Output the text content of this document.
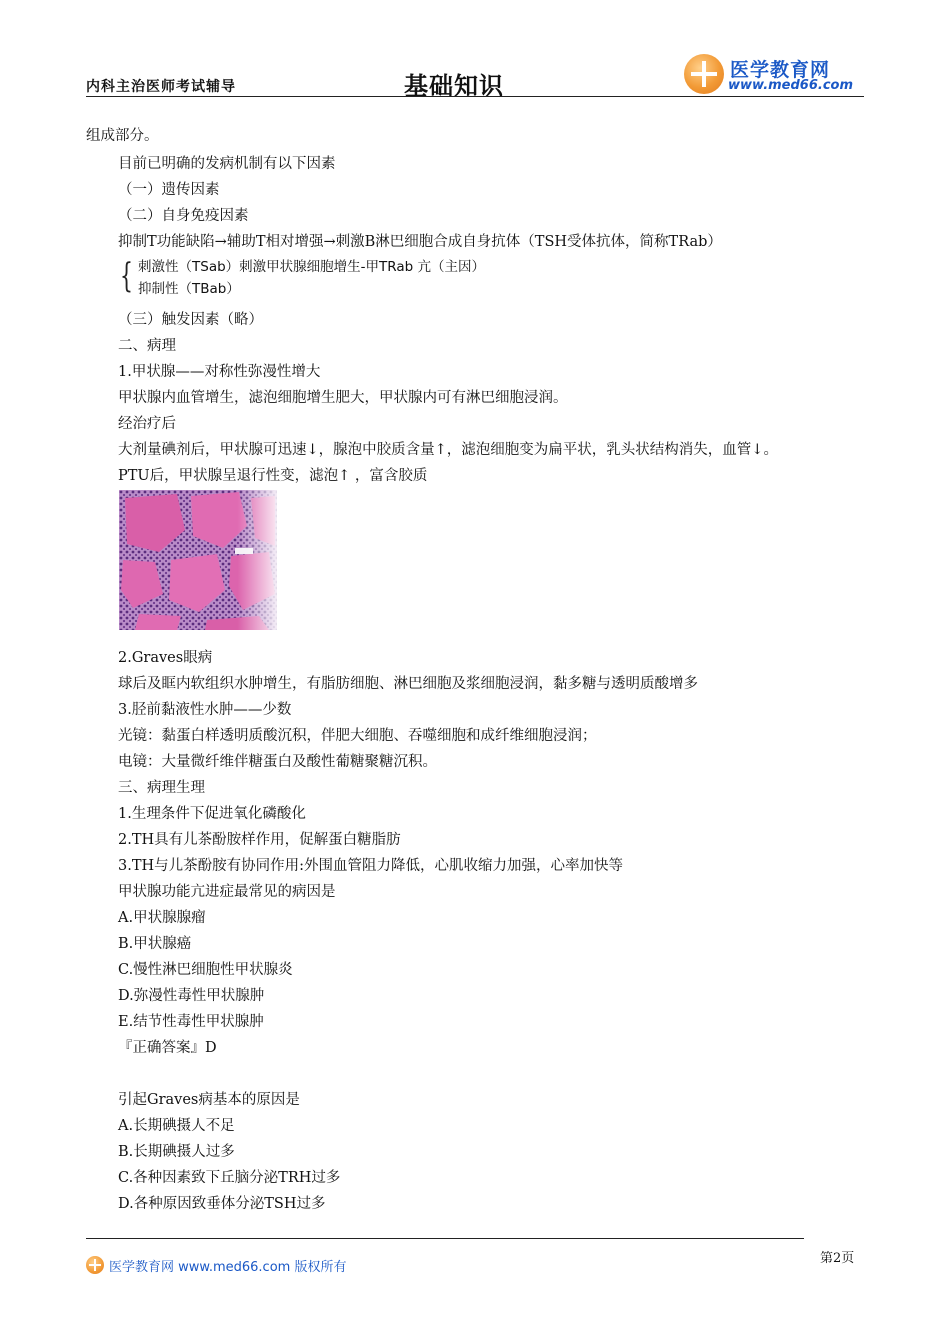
内科主治医师考试辅导	基础知识
医学教育网
www.med66.com
组成部分。
目前已明确的发病机制有以下因素
（一）遗传因素
（二）自身免疫因素
抑制T功能缺陷→辅助T相对增强→刺激B淋巴细胞合成自身抗体（TSH受体抗体，简称TRab）
{ 刺激性（TSab）刺激甲状腺细胞增生-甲TRab 亢（主因）
抑制性（TBab）
（三）触发因素（略）
二、病理
1.甲状腺——对称性弥漫性增大
甲状腺内血管增生，滤泡细胞增生肥大，甲状腺内可有淋巴细胞浸润。
经治疗后
大剂量碘剂后，甲状腺可迅速↓，腺泡中胶质含量↑，滤泡细胞变为扁平状，乳头状结构消失，血管↓。
PTU后，甲状腺呈退行性变，滤泡↑ ，富含胶质
2.Graves眼病
球后及眶内软组织水肿增生，有脂肪细胞、淋巴细胞及浆细胞浸润，黏多糖与透明质酸增多
3.胫前黏液性水肿——少数
光镜：黏蛋白样透明质酸沉积，伴肥大细胞、吞噬细胞和成纤维细胞浸润；
电镜：大量微纤维伴糖蛋白及酸性葡糖聚糖沉积。
三、病理生理
1.生理条件下促进氧化磷酸化
2.TH具有儿茶酚胺样作用，促解蛋白糖脂肪
3.TH与儿茶酚胺有协同作用:外围血管阻力降低，心肌收缩力加强，心率加快等
甲状腺功能亢进症最常见的病因是
A.甲状腺腺瘤
B.甲状腺癌
C.慢性淋巴细胞性甲状腺炎
D.弥漫性毒性甲状腺肿
E.结节性毒性甲状腺肿
『正确答案』D
引起Graves病基本的原因是
A.长期碘摄人不足
B.长期碘摄人过多
C.各种因素致下丘脑分泌TRH过多
D.各种原因致垂体分泌TSH过多
医学教育网 www.med66.com 版权所有
第2页
